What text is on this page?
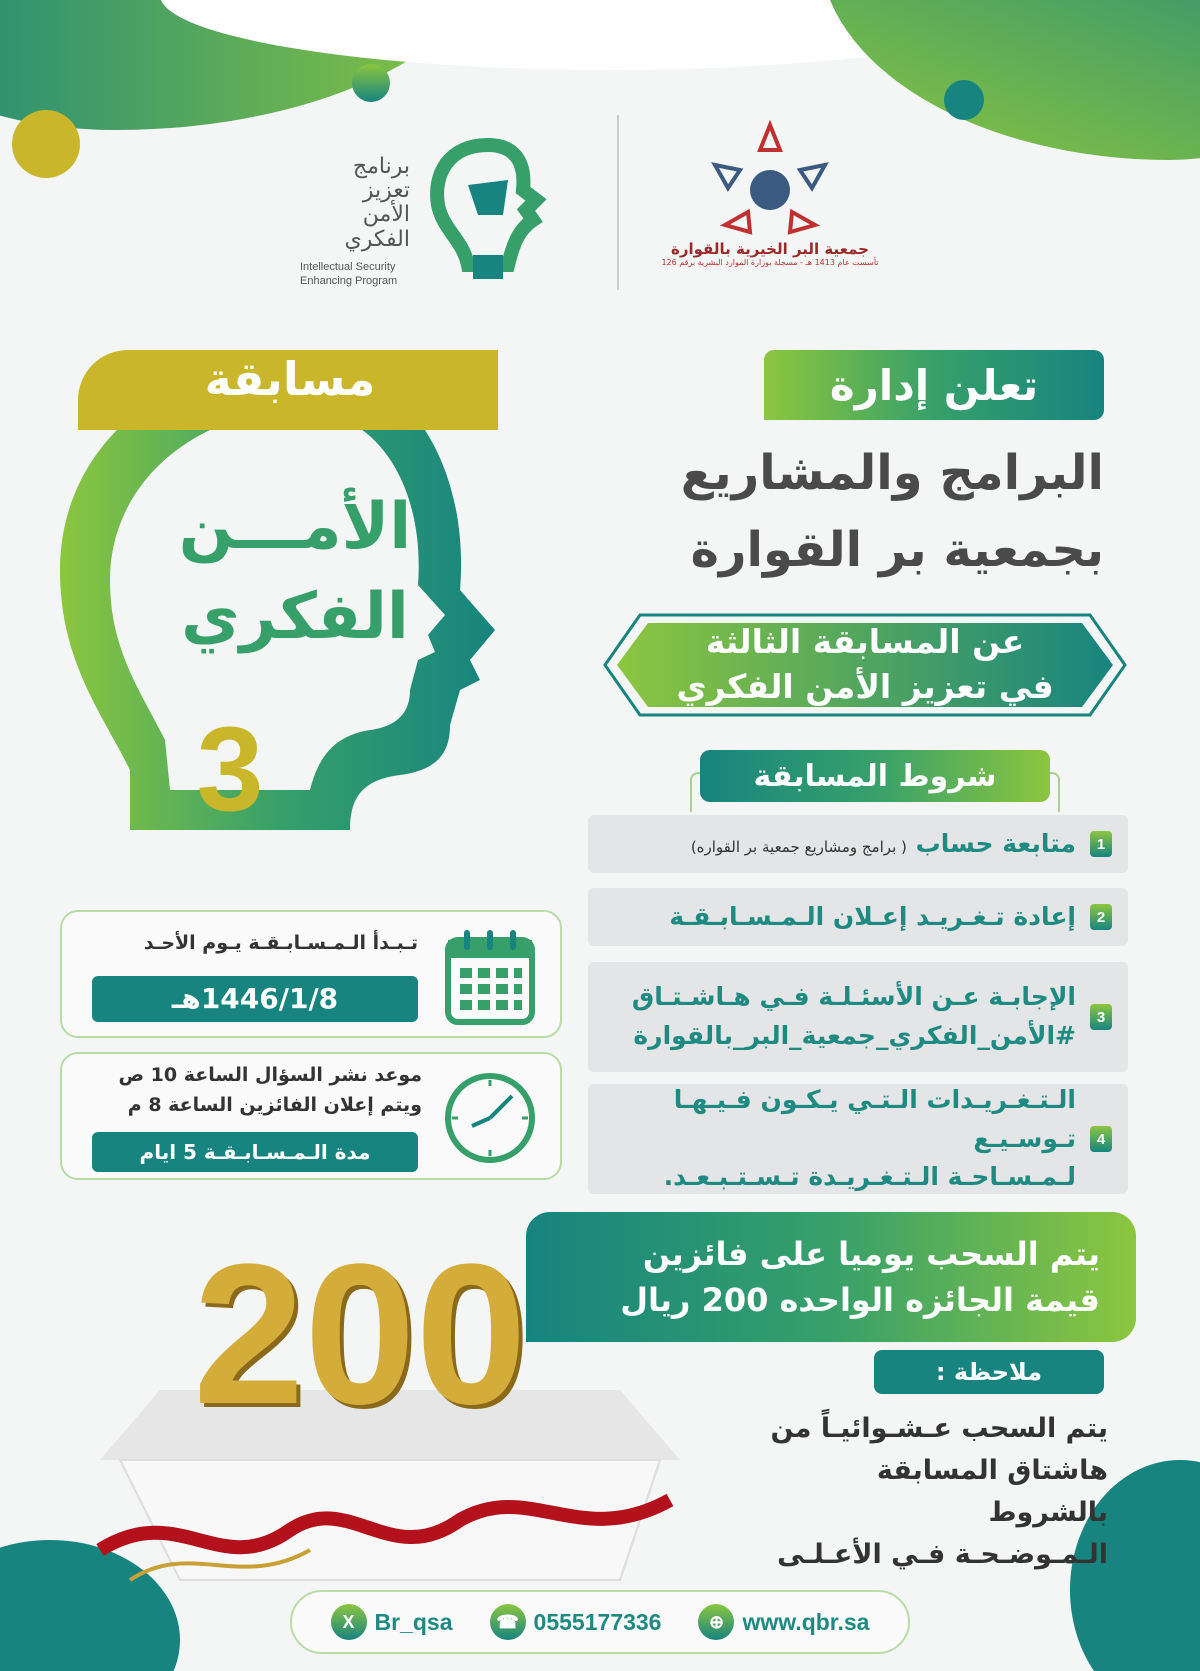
جمعية البر الخيرية بالقوارة
تأسست عام 1413 هـ - مسجلة بوزارة الموارد البشرية برقم 126
برنامج تعزيز
الأمن الفكري
Intellectual Security
Enhancing Program
مسابقة
الأمـــن
الفكري
3
تعلن إدارة
البرامج والمشاريع
بجمعية بر القوارة
عن المسابقة الثالثة
في تعزيز الأمن الفكري
شروط المسابقة
1
متابعة حساب ( برامج ومشاريع جمعية بر القواره)
2
إعادة تـغـريـد إعـلان الـمـسـابـقـة
3
الإجابـة عـن الأسئـلـة فـي هـاشـتـاق
#الأمن_الفكري_جمعية_البر_بالقوارة
4
الـتـغـريـدات الـتـي يـكـون فـيـهـا تـوسـيـع
لـمـسـاحـة الـتـغـريـدة تـسـتـبـعـد.
تـبـدأ الـمـسـابـقـة يـوم الأحـد
1446/1/8هـ
موعد نشر السؤال الساعة 10 ص
ويتم إعلان الفائزين الساعة 8 م
مدة الـمـسـابـقـة 5 ايام
يتم السحب يوميا على فائزين
قيمة الجائزه الواحده 200 ريال
200	ملاحظة :
يتم السحب عـشـوائيـاً من
هاشتاق المسابقة بالشروط
الـمـوضـحـة فـي الأعـلـى
X Br_qsa	☎ 0555177336	⊕ www.qbr.sa
